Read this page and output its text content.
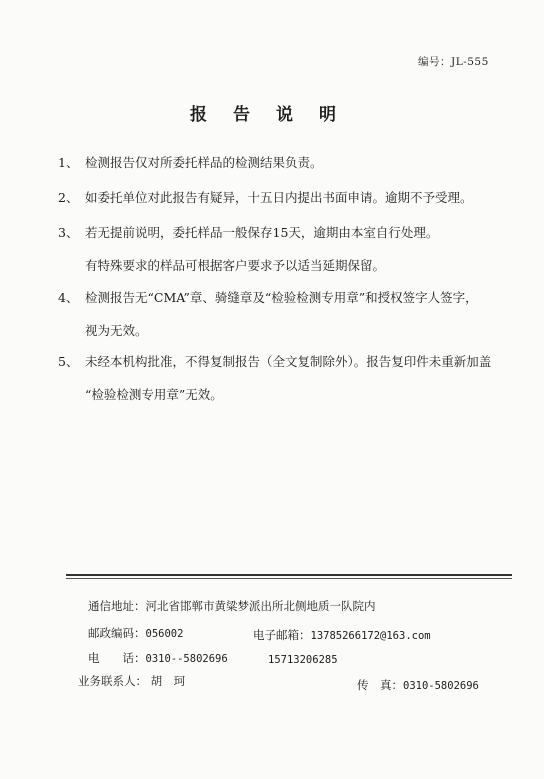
编号：JL-555
报告说明
1、 检测报告仅对所委托样品的检测结果负责。
2、 如委托单位对此报告有疑异，十五日内提出书面申请。逾期不予受理。
3、 若无提前说明，委托样品一般保存15天，逾期由本室自行处理。
有特殊要求的样品可根据客户要求予以适当延期保留。
4、 检测报告无“CMA”章、骑缝章及“检验检测专用章”和授权签字人签字，
视为无效。
5、 未经本机构批准，不得复制报告（全文复制除外）。报告复印件未重新加盖
“检验检测专用章”无效。
通信地址：河北省邯郸市黄粱梦派出所北侧地质一队院内
邮政编码：056002	电子邮箱：13785266172@163.com
电　　话：0310--5802696	15713206285
业务联系人： 胡　珂	传　真：0310-5802696
